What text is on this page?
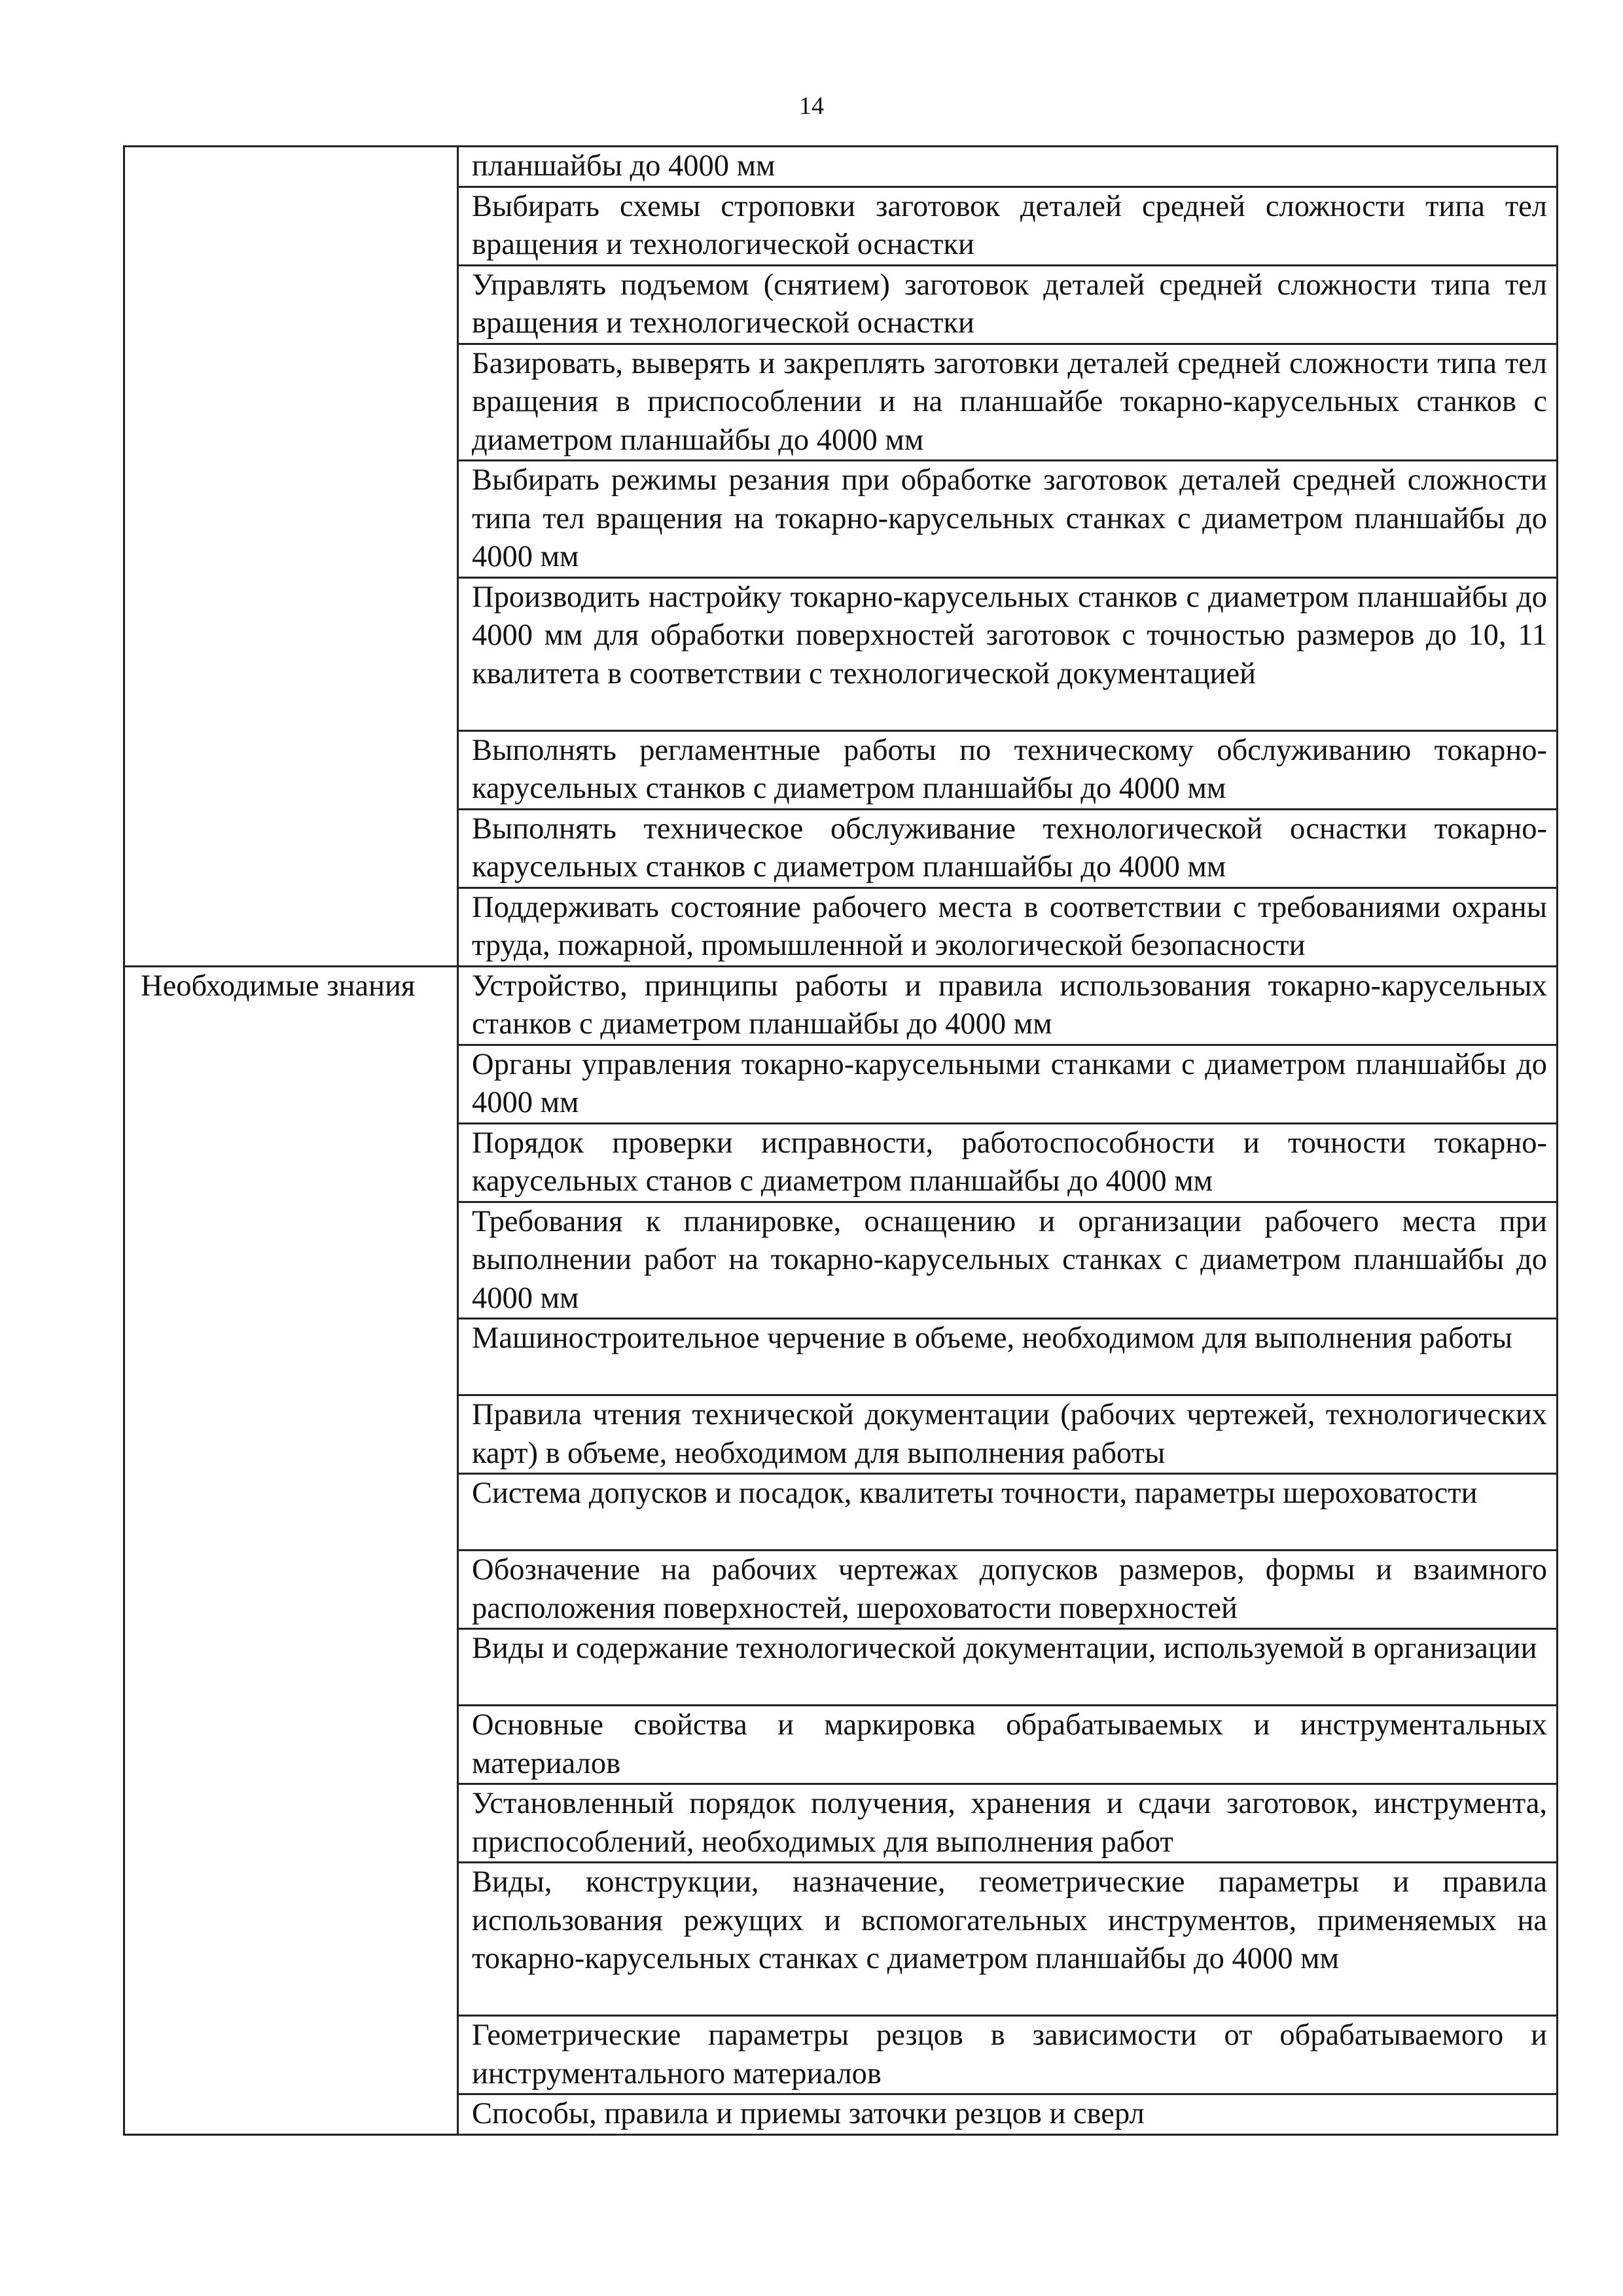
14

	планшайбы до 4000 мм

	Выбирать схемы строповки заготовок деталей средней сложности типа тел вращения и технологической оснастки

	Управлять подъемом (снятием) заготовок деталей средней сложности типа тел вращения и технологической оснастки

	Базировать, выверять и закреплять заготовки деталей средней сложности типа тел вращения в приспособлении и на планшайбе токарно-карусельных станков с диаметром планшайбы до 4000 мм

	Выбирать режимы резания при обработке заготовок деталей средней сложности типа тел вращения на токарно-карусельных станках с диаметром планшайбы до 4000 мм

	Производить настройку токарно-карусельных станков с диаметром планшайбы до 4000 мм для обработки поверхностей заготовок с точностью размеров до 10, 11 квалитета в соответствии с технологической документацией

	Выполнять регламентные работы по техническому обслуживанию токарно-карусельных станков с диаметром планшайбы до 4000 мм

	Выполнять техническое обслуживание технологической оснастки токарно-карусельных станков с диаметром планшайбы до 4000 мм

	Поддерживать состояние рабочего места в соответствии с требованиями охраны труда, пожарной, промышленной и экологической безопасности

Необходимые знания	Устройство, принципы работы и правила использования токарно-карусельных станков с диаметром планшайбы до 4000 мм

	Органы управления токарно-карусельными станками с диаметром планшайбы до 4000 мм

	Порядок проверки исправности, работоспособности и точности токарно-карусельных станов с диаметром планшайбы до 4000 мм

	Требования к планировке, оснащению и организации рабочего места при выполнении работ на токарно-карусельных станках с диаметром планшайбы до 4000 мм

	Машиностроительное черчение в объеме, необходимом для выполнения работы

	Правила чтения технической документации (рабочих чертежей, технологических карт) в объеме, необходимом для выполнения работы

	Система допусков и посадок, квалитеты точности, параметры шероховатости

	Обозначение на рабочих чертежах допусков размеров, формы и взаимного расположения поверхностей, шероховатости поверхностей

	Виды и содержание технологической документации, используемой в организации

	Основные свойства и маркировка обрабатываемых и инструментальных материалов

	Установленный порядок получения, хранения и сдачи заготовок, инструмента, приспособлений, необходимых для выполнения работ

	Виды, конструкции, назначение, геометрические параметры и правила использования режущих и вспомогательных инструментов, применяемых на токарно-карусельных станках с диаметром планшайбы до 4000 мм

	Геометрические параметры резцов в зависимости от обрабатываемого и инструментального материалов

	Способы, правила и приемы заточки резцов и сверл
